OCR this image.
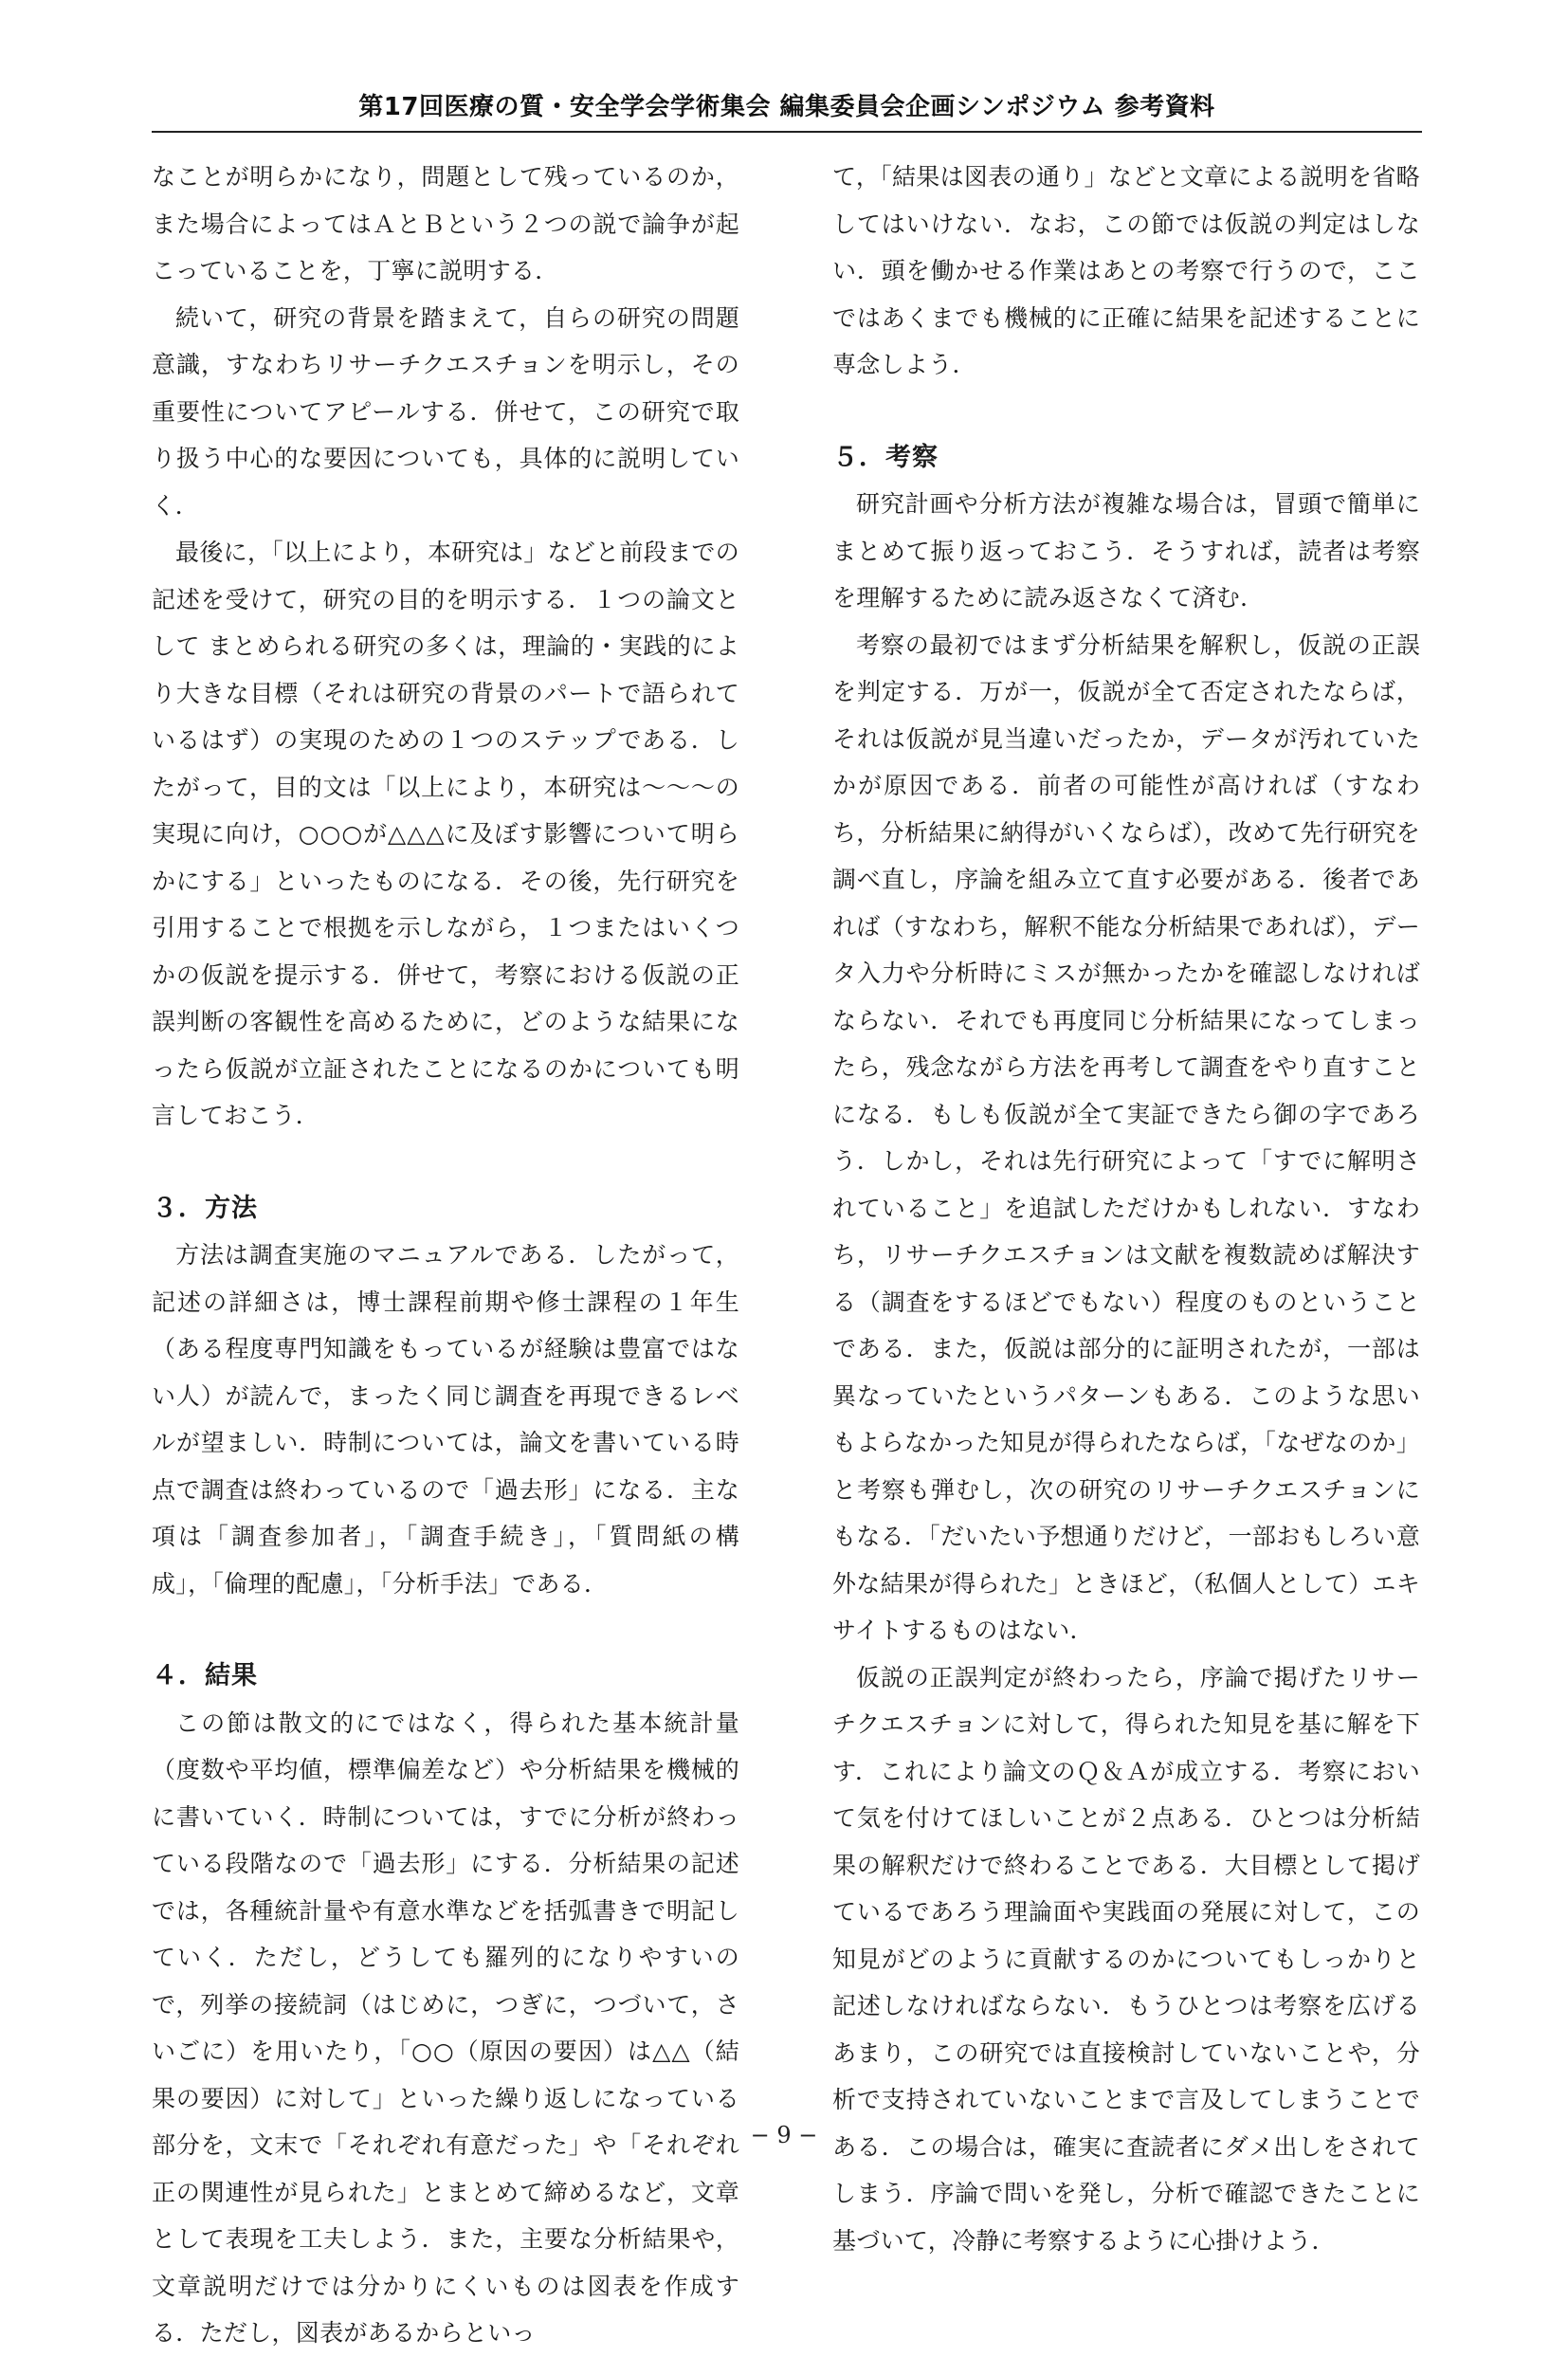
第17回医療の質・安全学会学術集会 編集委員会企画シンポジウム 参考資料

なことが明らかになり，問題として残っているのか，また場合によってはＡとＢという２つの説で論争が起こっていることを，丁寧に説明する．

続いて，研究の背景を踏まえて，自らの研究の問題意識，すなわちリサーチクエスチョンを明示し，その重要性についてアピールする．併せて，この研究で取り扱う中心的な要因についても，具体的に説明していく．

最後に，「以上により，本研究は」などと前段までの記述を受けて，研究の目的を明示する．１つの論文として まとめられる研究の多くは，理論的・実践的により大きな目標（それは研究の背景のパートで語られているはず）の実現のための１つのステップである．したがって，目的文は「以上により，本研究は〜〜〜の実現に向け，○○○が△△△に及ぼす影響について明らかにする」といったものになる．その後，先行研究を引用することで根拠を示しながら，１つまたはいくつかの仮説を提示する．併せて，考察における仮説の正誤判断の客観性を高めるために，どのような結果になったら仮説が立証されたことになるのかについても明言しておこう．

３．方法

方法は調査実施のマニュアルである．したがって，記述の詳細さは，博士課程前期や修士課程の１年生（ある程度専門知識をもっているが経験は豊富ではない人）が読んで，まったく同じ調査を再現できるレベルが望ましい．時制については，論文を書いている時点で調査は終わっているので「過去形」になる．主な項は「調査参加者」，「調査手続き」，「質問紙の構成」，「倫理的配慮」，「分析手法」である．

４．結果

この節は散文的にではなく，得られた基本統計量（度数や平均値，標準偏差など）や分析結果を機械的に書いていく．時制については，すでに分析が終わっている段階なので「過去形」にする．分析結果の記述では，各種統計量や有意水準などを括弧書きで明記していく．ただし，どうしても羅列的になりやすいので，列挙の接続詞（はじめに，つぎに，つづいて，さいごに）を用いたり，「○○（原因の要因）は△△（結果の要因）に対して」といった繰り返しになっている部分を，文末で「それぞれ有意だった」や「それぞれ正の関連性が見られた」とまとめて締めるなど，文章として表現を工夫しよう．また，主要な分析結果や，文章説明だけでは分かりにくいものは図表を作成する．ただし，図表があるからといっ

て，「結果は図表の通り」などと文章による説明を省略してはいけない．なお，この節では仮説の判定はしない．頭を働かせる作業はあとの考察で行うので，ここではあくまでも機械的に正確に結果を記述することに専念しよう．

５．考察

研究計画や分析方法が複雑な場合は，冒頭で簡単にまとめて振り返っておこう．そうすれば，読者は考察を理解するために読み返さなくて済む．

考察の最初ではまず分析結果を解釈し，仮説の正誤を判定する．万が一，仮説が全て否定されたならば，それは仮説が見当違いだったか，データが汚れていたかが原因である．前者の可能性が高ければ（すなわち，分析結果に納得がいくならば），改めて先行研究を調べ直し，序論を組み立て直す必要がある．後者であれば（すなわち，解釈不能な分析結果であれば），データ入力や分析時にミスが無かったかを確認しなければならない．それでも再度同じ分析結果になってしまったら，残念ながら方法を再考して調査をやり直すことになる．もしも仮説が全て実証できたら御の字であろう．しかし，それは先行研究によって「すでに解明されていること」を追試しただけかもしれない．すなわち，リサーチクエスチョンは文献を複数読めば解決する（調査をするほどでもない）程度のものということである．また，仮説は部分的に証明されたが，一部は異なっていたというパターンもある．このような思いもよらなかった知見が得られたならば，「なぜなのか」と考察も弾むし，次の研究のリサーチクエスチョンにもなる．「だいたい予想通りだけど，一部おもしろい意外な結果が得られた」ときほど，（私個人として）エキサイトするものはない．

仮説の正誤判定が終わったら，序論で掲げたリサーチクエスチョンに対して，得られた知見を基に解を下す．これにより論文のＱ＆Ａが成立する．考察において気を付けてほしいことが２点ある．ひとつは分析結果の解釈だけで終わることである．大目標として掲げているであろう理論面や実践面の発展に対して，この知見がどのように貢献するのかについてもしっかりと記述しなければならない．もうひとつは考察を広げるあまり，この研究では直接検討していないことや，分析で支持されていないことまで言及してしまうことである．この場合は，確実に査読者にダメ出しをされてしまう．序論で問いを発し，分析で確認できたことに基づいて，冷静に考察するように心掛けよう．

− 9 −
